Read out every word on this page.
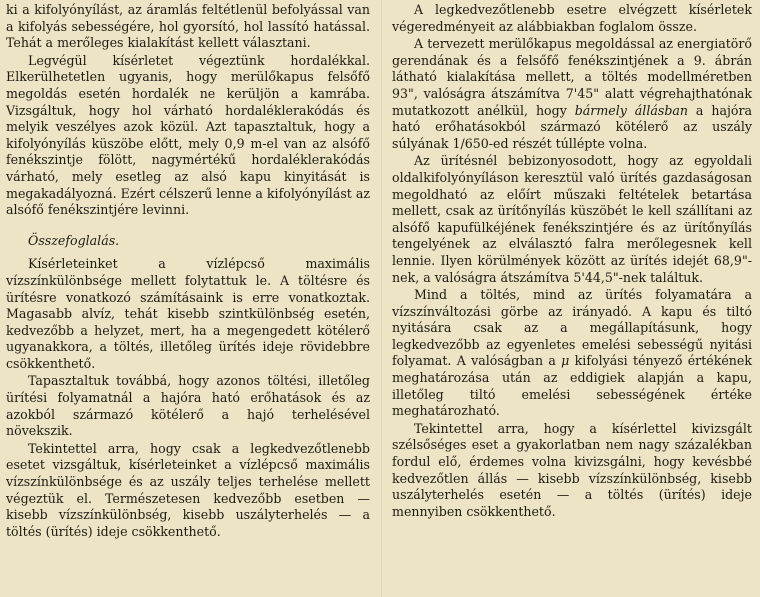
ki a kifolyónyílást, az áramlás feltétlenül befolyással van a kifolyás sebességére, hol gyorsító, hol lassító hatással. Tehát a merőleges kialakítást kellett választani.

Legvégül kísérletet végeztünk hordalékkal. Elkerülhetetlen ugyanis, hogy merülőkapus felsőfő megoldás esetén hordalék ne kerüljön a kamrába. Vizsgáltuk, hogy hol várható hordaléklerakódás és melyik veszélyes azok közül. Azt tapasztaltuk, hogy a kifolyónyílás küszöbe előtt, mely 0,9 m-el van az alsófő fenékszintje fölött, nagymértékű hordaléklerakódás várható, mely esetleg az alsó kapu kinyitását is megakadályozná. Ezért célszerű lenne a kifolyónyílást az alsófő fenékszintjére levinni.

Összefoglalás.

Kísérleteinket a vízlépcső maximális vízszínkülönbsége mellett folytattuk le. A töltésre és ürítésre vonatkozó számításaink is erre vonatkoztak. Magasabb alvíz, tehát kisebb szintkülönbség esetén, kedvezőbb a helyzet, mert, ha a megengedett kötélerő ugyanakkora, a töltés, illetőleg ürítés ideje rövidebbre csökkenthető.

Tapasztaltuk továbbá, hogy azonos töltési, illetőleg ürítési folyamatnál a hajóra ható erőhatások és az azokból származó kötélerő a hajó terhelésével növekszik.

Tekintettel arra, hogy csak a legkedvezőtlenebb esetet vizsgáltuk, kísérleteinket a vízlépcső maximális vízszínkülönbsége és az uszály teljes terhelése mellett végeztük el. Természetesen kedvezőbb esetben — kisebb vízszínkülönbség, kisebb uszályterhelés — a töltés (ürítés) ideje csökkenthető.

A legkedvezőtlenebb esetre elvégzett kísérletek végeredményeit az alábbiakban foglalom össze.

A tervezett merülőkapus megoldással az energiatörő gerendának és a felsőfő fenékszintjének a 9. ábrán látható kialakítása mellett, a töltés modellméretben 93", valóságra átszámítva 7'45" alatt végrehajthatónak mutatkozott anélkül, hogy bármely állásban a hajóra ható erőhatásokból származó kötélerő az uszály súlyának 1/650-ed részét túllépte volna.

Az ürítésnél bebizonyosodott, hogy az egyoldali oldalkifolyónyíláson keresztül való ürítés gazdaságosan megoldható az előírt műszaki feltételek betartása mellett, csak az ürítőnyílás küszöbét le kell szállítani az alsófő kapufülkéjének fenékszintjére és az ürítőnyílás tengelyének az elválasztó falra merőlegesnek kell lennie. Ilyen körülmények között az ürítés idejét 68,9"-nek, a valóságra átszámítva 5'44,5"-nek találtuk.

Mind a töltés, mind az ürítés folyamatára a vízszínváltozási görbe az irányadó. A kapu és tiltó nyitására csak az a megállapításunk, hogy legkedvezőbb az egyenletes emelési sebességű nyitási folyamat. A valóságban a μ kifolyási tényező értékének meghatározása után az eddigiek alapján a kapu, illetőleg tiltó emelési sebességének értéke meghatározható.

Tekintettel arra, hogy a kísérlettel kivizsgált szélsőséges eset a gyakorlatban nem nagy százalékban fordul elő, érdemes volna kivizsgálni, hogy kevésbbé kedvezőtlen állás — kisebb vízszínkülönbség, kisebb uszályterhelés esetén — a töltés (ürítés) ideje mennyiben csökkenthető.
